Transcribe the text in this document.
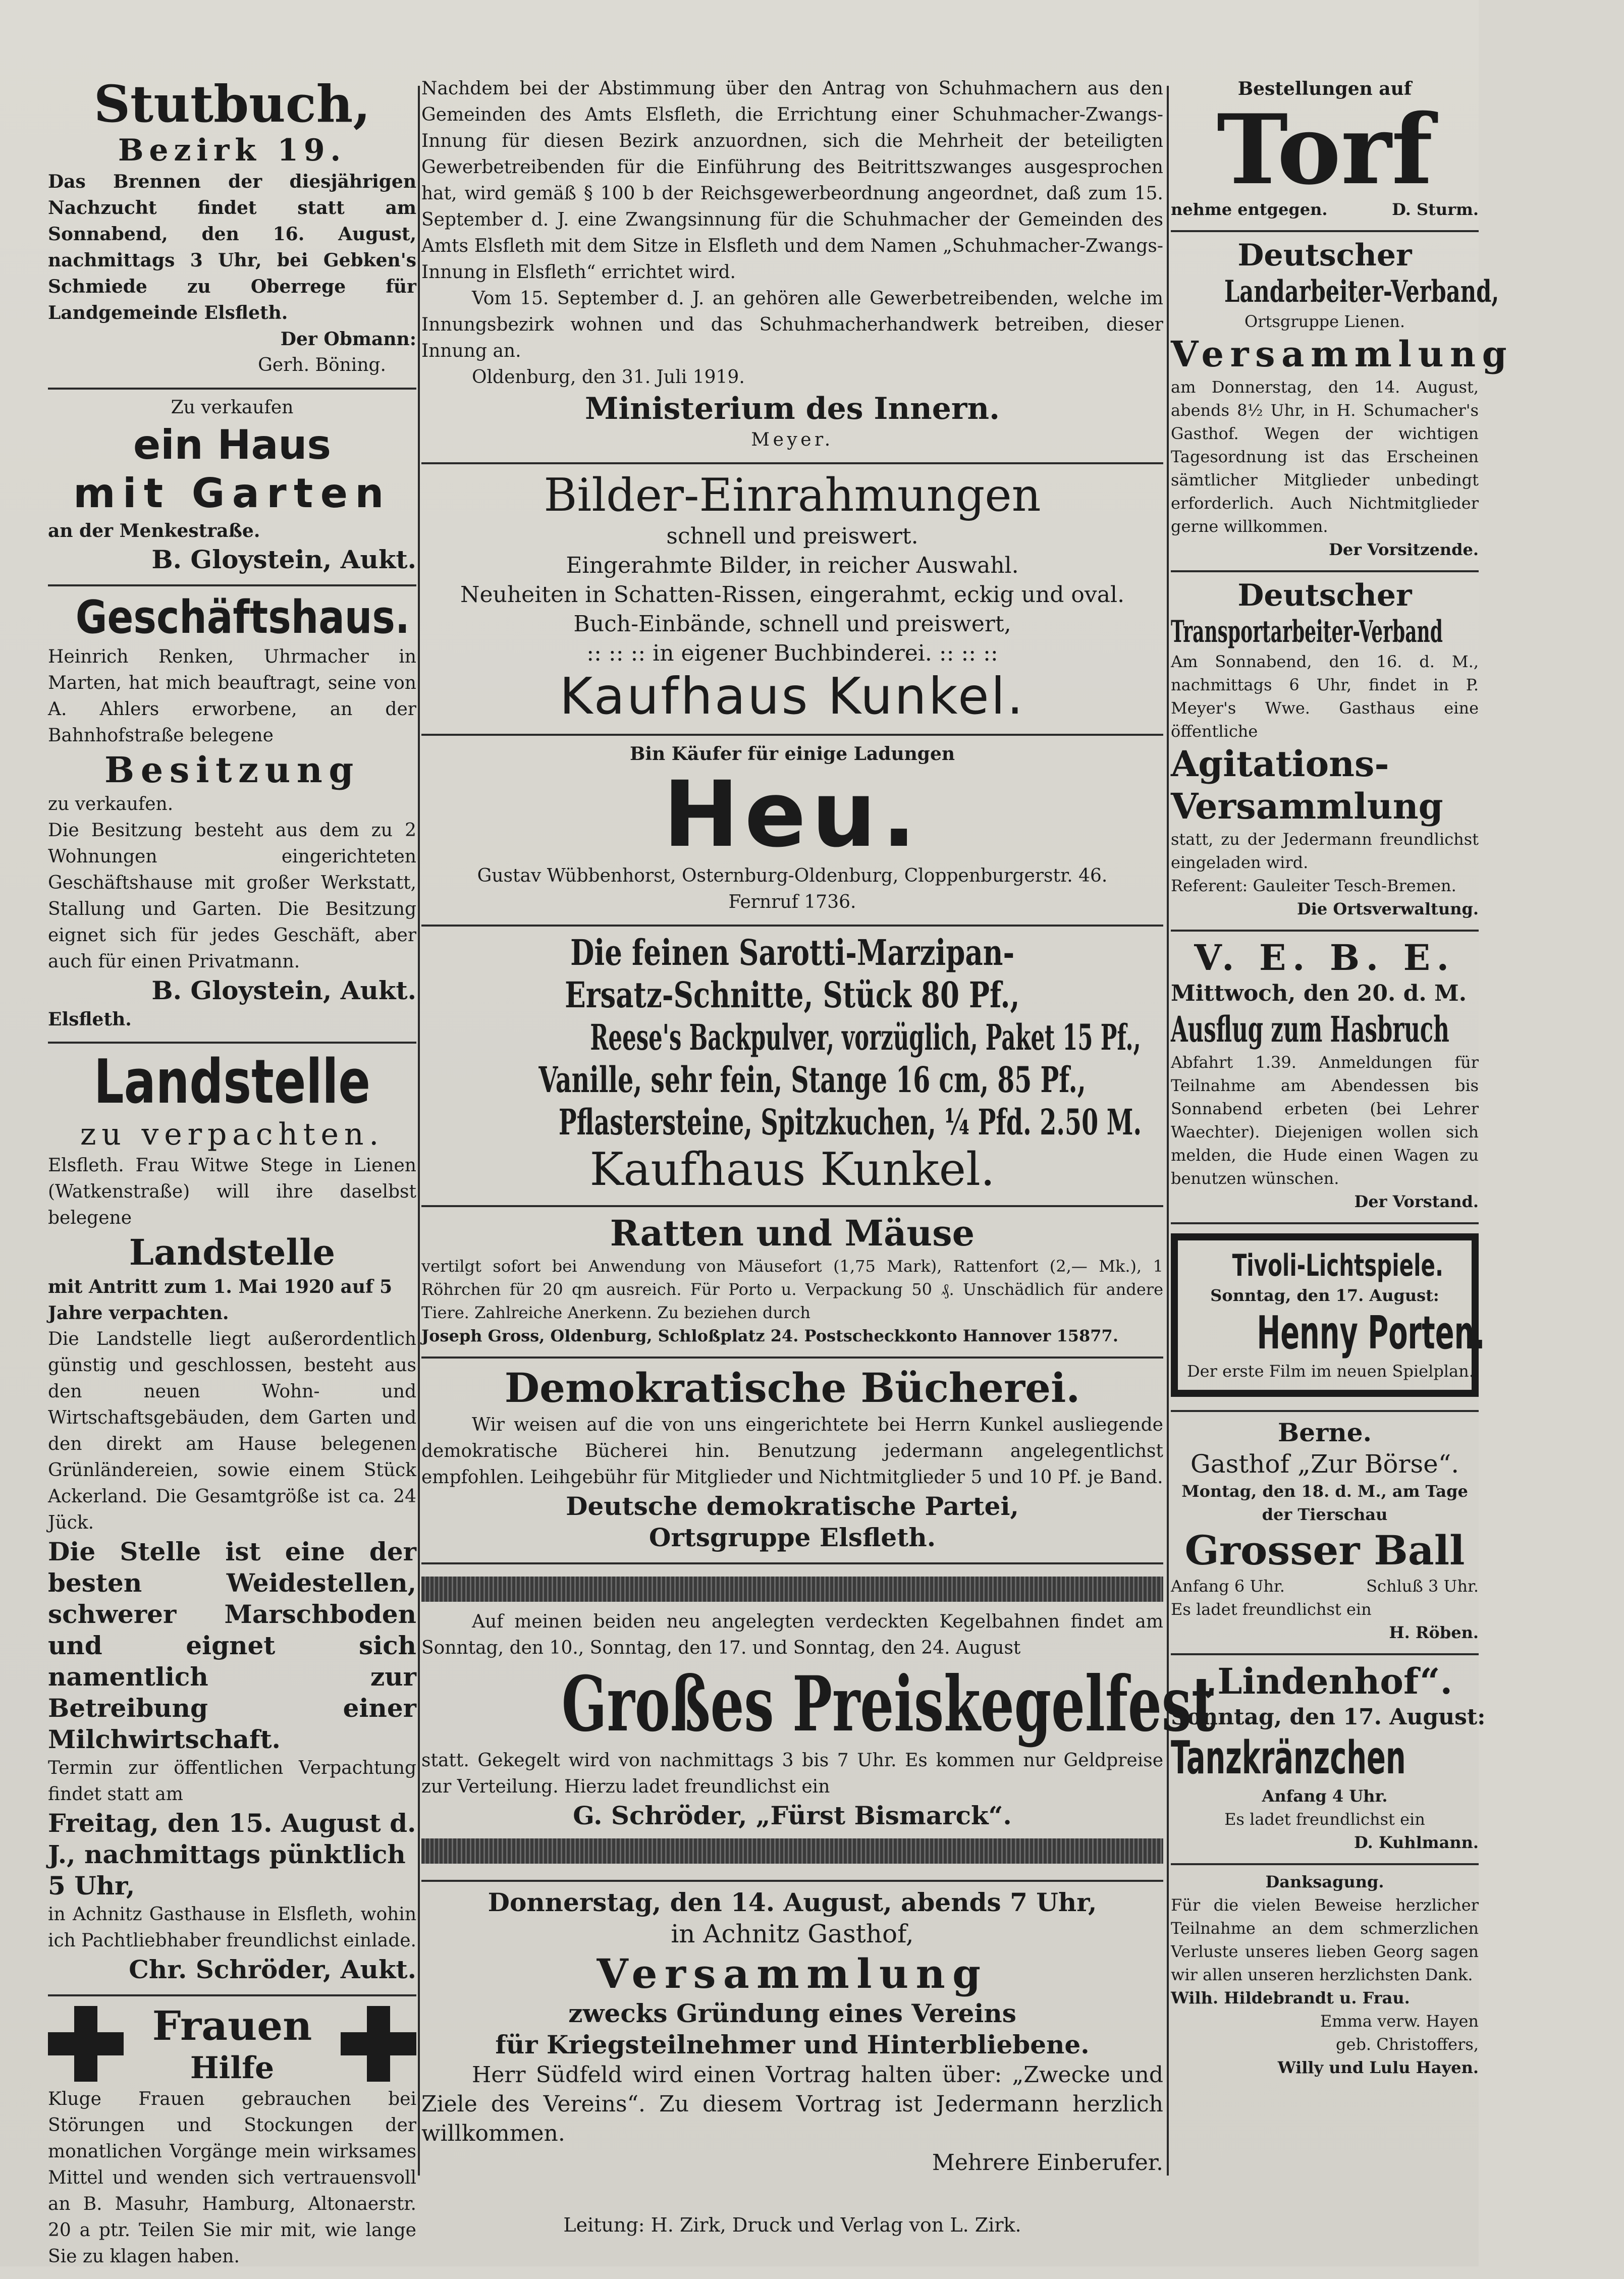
Stutbuch,

Bezirk 19.

Das Brennen der diesjährigen Nachzucht findet statt am Sonnabend, den 16. August, nachmittags 3 Uhr, bei Gebken's Schmiede zu Oberrege für Landgemeinde Elsfleth.

Der Obmann:

Gerh. Böning.

Zu verkaufen

ein Haus

mit Garten

an der Menkestraße.

B. Gloystein, Aukt.

Geschäftshaus.

Heinrich Renken, Uhrmacher in Marten, hat mich beauftragt, seine von A. Ahlers erworbene, an der Bahnhofstraße belegene

Besitzung

zu verkaufen.

Die Besitzung besteht aus dem zu 2 Wohnungen eingerichteten Geschäftshause mit großer Werkstatt, Stallung und Garten. Die Besitzung eignet sich für jedes Geschäft, aber auch für einen Privatmann.

B. Gloystein, Aukt.

Elsfleth.

Landstelle

zu verpachten.

Elsfleth. Frau Witwe Stege in Lienen (Watkenstraße) will ihre daselbst belegene

Landstelle

mit Antritt zum 1. Mai 1920 auf 5 Jahre verpachten.

Die Landstelle liegt außerordentlich günstig und geschlossen, besteht aus den neuen Wohn- und Wirtschaftsgebäuden, dem Garten und den direkt am Hause belegenen Grünländereien, sowie einem Stück Ackerland. Die Gesamtgröße ist ca. 24 Jück.

Die Stelle ist eine der besten Weidestellen, schwerer Marschboden und eignet sich namentlich zur Betreibung einer Milchwirtschaft.

Termin zur öffentlichen Verpachtung findet statt am

Freitag, den 15. August d. J., nachmittags pünktlich 5 Uhr,

in Achnitz Gasthause in Elsfleth, wohin ich Pachtliebhaber freundlichst einlade.

Chr. Schröder, Aukt.

Frauen

Hilfe

Kluge Frauen gebrauchen bei Störungen und Stockungen der monatlichen Vorgänge mein wirksames Mittel und wenden sich vertrauensvoll an B. Masuhr, Hamburg, Altonaerstr. 20 a ptr. Teilen Sie mir mit, wie lange Sie zu klagen haben.

Nachdem bei der Abstimmung über den Antrag von Schuhmachern aus den Gemeinden des Amts Elsfleth, die Errichtung einer Schuhmacher-Zwangs-Innung für diesen Bezirk anzuordnen, sich die Mehrheit der beteiligten Gewerbetreibenden für die Einführung des Beitrittszwanges ausgesprochen hat, wird gemäß § 100 b der Reichsgewerbeordnung angeordnet, daß zum 15. September d. J. eine Zwangsinnung für die Schuhmacher der Gemeinden des Amts Elsfleth mit dem Sitze in Elsfleth und dem Namen „Schuhmacher-Zwangs-Innung in Elsfleth“ errichtet wird.

Vom 15. September d. J. an gehören alle Gewerbetreibenden, welche im Innungsbezirk wohnen und das Schuhmacherhandwerk betreiben, dieser Innung an.

Oldenburg, den 31. Juli 1919.

Ministerium des Innern.

Meyer.

Bilder-Einrahmungen

schnell und preiswert.

Eingerahmte Bilder, in reicher Auswahl.

Neuheiten in Schatten-Rissen, eingerahmt, eckig und oval.

Buch-Einbände, schnell und preiswert,

:: :: :: in eigener Buchbinderei. :: :: ::

Kaufhaus Kunkel.

Bin Käufer für einige Ladungen

Heu.

Gustav Wübbenhorst, Osternburg-Oldenburg, Cloppenburgerstr. 46.

Fernruf 1736.

Die feinen Sarotti-Marzipan-

Ersatz-Schnitte, Stück 80 Pf.,

Reese's Backpulver, vorzüglich, Paket 15 Pf.,

Vanille, sehr fein, Stange 16 cm, 85 Pf.,

Pflastersteine, Spitzkuchen, ¼ Pfd. 2.50 M.

Kaufhaus Kunkel.

Ratten und Mäuse

vertilgt sofort bei Anwendung von Mäusefort (1,75 Mark), Rattenfort (2,— Mk.), 1 Röhrchen für 20 qm ausreich. Für Porto u. Verpackung 50 ₰. Unschädlich für andere Tiere. Zahlreiche Anerkenn. Zu beziehen durch

Joseph Gross, Oldenburg, Schloßplatz 24. Postscheckkonto Hannover 15877.

Demokratische Bücherei.

Wir weisen auf die von uns eingerichtete bei Herrn Kunkel ausliegende demokratische Bücherei hin. Benutzung jedermann angelegentlichst empfohlen. Leihgebühr für Mitglieder und Nichtmitglieder 5 und 10 Pf. je Band.

Deutsche demokratische Partei,

Ortsgruppe Elsfleth.

Auf meinen beiden neu angelegten verdeckten Kegelbahnen findet am Sonntag, den 10., Sonntag, den 17. und Sonntag, den 24. August

Großes Preiskegelfest

statt. Gekegelt wird von nachmittags 3 bis 7 Uhr. Es kommen nur Geldpreise zur Verteilung. Hierzu ladet freundlichst ein

G. Schröder, „Fürst Bismarck“.

Donnerstag, den 14. August, abends 7 Uhr,

in Achnitz Gasthof,

Versammlung

zwecks Gründung eines Vereins

für Kriegsteilnehmer und Hinterbliebene.

Herr Südfeld wird einen Vortrag halten über: „Zwecke und Ziele des Vereins“. Zu diesem Vortrag ist Jedermann herzlich willkommen.

Mehrere Einberufer.

Leitung: H. Zirk, Druck und Verlag von L. Zirk.

Bestellungen auf

Torf

nehme entgegen.	D. Sturm.

Deutscher

Landarbeiter-Verband,

Ortsgruppe Lienen.

Versammlung

am Donnerstag, den 14. August, abends 8½ Uhr, in H. Schumacher's Gasthof. Wegen der wichtigen Tagesordnung ist das Erscheinen sämtlicher Mitglieder unbedingt erforderlich. Auch Nichtmitglieder gerne willkommen.

Der Vorsitzende.

Deutscher

Transportarbeiter-Verband

Am Sonnabend, den 16. d. M., nachmittags 6 Uhr, findet in P. Meyer's Wwe. Gasthaus eine öffentliche

Agitations-

Versammlung

statt, zu der Jedermann freundlichst eingeladen wird.

Referent: Gauleiter Tesch-Bremen.

Die Ortsverwaltung.

V. E. B. E.

Mittwoch, den 20. d. M.

Ausflug zum Hasbruch

Abfahrt 1.39. Anmeldungen für Teilnahme am Abendessen bis Sonnabend erbeten (bei Lehrer Waechter). Diejenigen wollen sich melden, die Hude einen Wagen zu benutzen wünschen.

Der Vorstand.

Tivoli-Lichtspiele.

Sonntag, den 17. August:

Henny Porten.

Der erste Film im neuen Spielplan.

Berne.

Gasthof „Zur Börse“.

Montag, den 18. d. M., am Tage der Tierschau

Grosser Ball

Anfang 6 Uhr.	Schluß 3 Uhr.

Es ladet freundlichst ein

H. Röben.

„Lindenhof“.

Sonntag, den 17. August:

Tanzkränzchen

Anfang 4 Uhr.

Es ladet freundlichst ein

D. Kuhlmann.

Danksagung.

Für die vielen Beweise herzlicher Teilnahme an dem schmerzlichen Verluste unseres lieben Georg sagen wir allen unseren herzlichsten Dank.

Wilh. Hildebrandt u. Frau.

Emma verw. Hayen

geb. Christoffers,

Willy und Lulu Hayen.
